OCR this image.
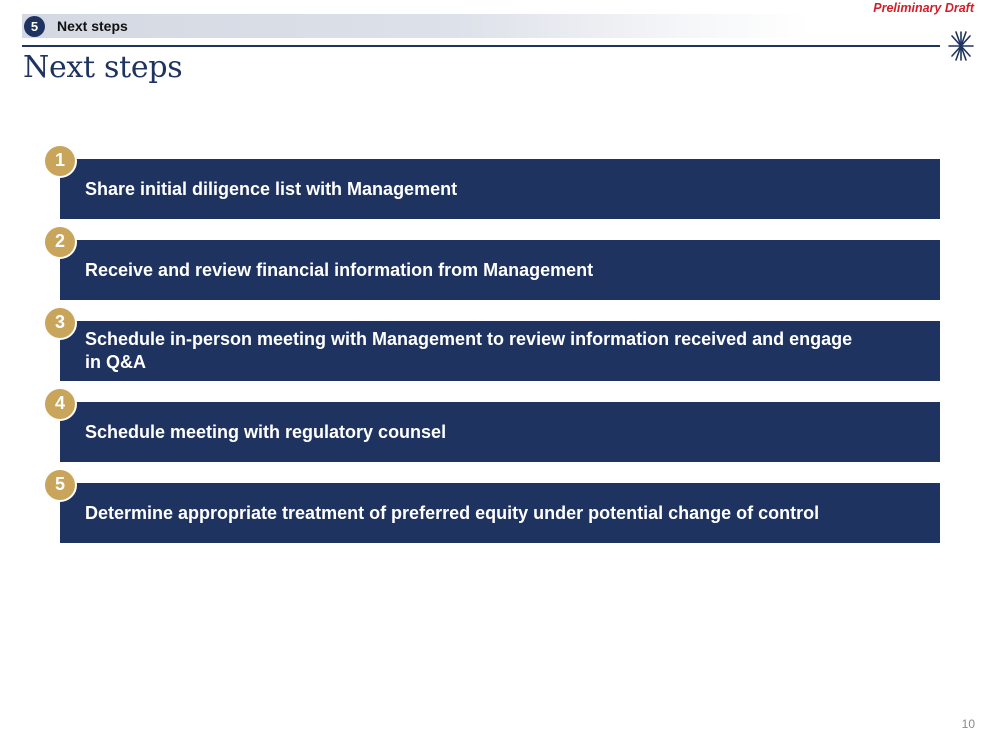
5	Next steps
Preliminary Draft
Next steps
Share initial diligence list with Management
1
Receive and review financial information from Management
2
Schedule in-person meeting with Management to review information received and engage in Q&A
3
Schedule meeting with regulatory counsel
4
Determine appropriate treatment of preferred equity under potential change of control
5
10
